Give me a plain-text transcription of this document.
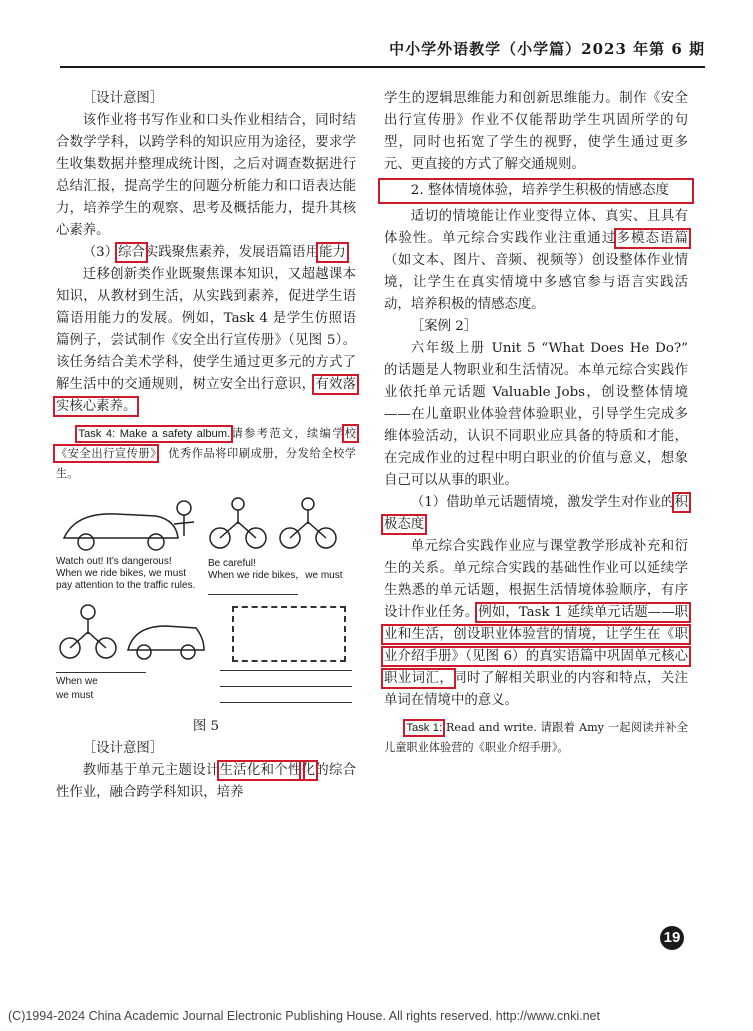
中小学外语教学（小学篇）2023 年第 6 期

［设计意图］

该作业将书写作业和口头作业相结合，同时结合数学学科，以跨学科的知识应用为途径，要求学生收集数据并整理成统计图，之后对调查数据进行总结汇报，提高学生的问题分析能力和口语表达能力，培养学生的观察、思考及概括能力，提升其核心素养。

（3）综合实践聚焦素养，发展语篇语用能力

迁移创新类作业既聚焦课本知识，又超越课本知识，从教材到生活，从实践到素养，促进学生语篇语用能力的发展。例如，Task 4 是学生仿照语篇例子，尝试制作《安全出行宣传册》（见图 5）。该任务结合美术学科，使学生通过更多元的方式了解生活中的交通规则，树立安全出行意识，有效落实核心素养。

Task 4: Make a safety album.请参考范文，续编学校《安全出行宣传册》，优秀作品将印刷成册，分发给全校学生。

Watch out! It’s dangerous!
When we ride bikes, we must
pay attention to the traffic rules.
Be careful!
When we ride bikes，we must
When we
we must

图 5

［设计意图］

教师基于单元主题设计生活化和个性化的综合性作业，融合跨学科知识，培养

学生的逻辑思维能力和创新思维能力。制作《安全出行宣传册》作业不仅能帮助学生巩固所学的句型，同时也拓宽了学生的视野，使学生通过更多元、更直接的方式了解交通规则。

2. 整体情境体验，培养学生积极的情感态度

适切的情境能让作业变得立体、真实、且具有体验性。单元综合实践作业注重通过多模态语篇（如文本、图片、音频、视频等）创设整体作业情境，让学生在真实情境中多感官参与语言实践活动，培养积极的情感态度。

［案例 2］

六年级上册 Unit 5 “What Does He Do?” 的话题是人物职业和生活情况。本单元综合实践作业依托单元话题 Valuable Jobs，创设整体情境——在儿童职业体验营体验职业，引导学生完成多维体验活动，认识不同职业应具备的特质和才能，在完成作业的过程中明白职业的价值与意义，想象自己可以从事的职业。

（1）借助单元话题情境，激发学生对作业的积极态度

单元综合实践作业应与课堂教学形成补充和衍生的关系。单元综合实践的基础性作业可以延续学生熟悉的单元话题，根据生活情境体验顺序，有序设计作业任务。例如，Task 1 延续单元话题——职业和生活，创设职业体验营的情境，让学生在《职业介绍手册》（见图 6）的真实语篇中巩固单元核心职业词汇，同时了解相关职业的内容和特点，关注单词在情境中的意义。

Task 1: Read and write. 请跟着 Amy 一起阅读并补全儿童职业体验营的《职业介绍手册》。

19
(C)1994-2024 China Academic Journal Electronic Publishing House. All rights reserved. http://www.cnki.net
